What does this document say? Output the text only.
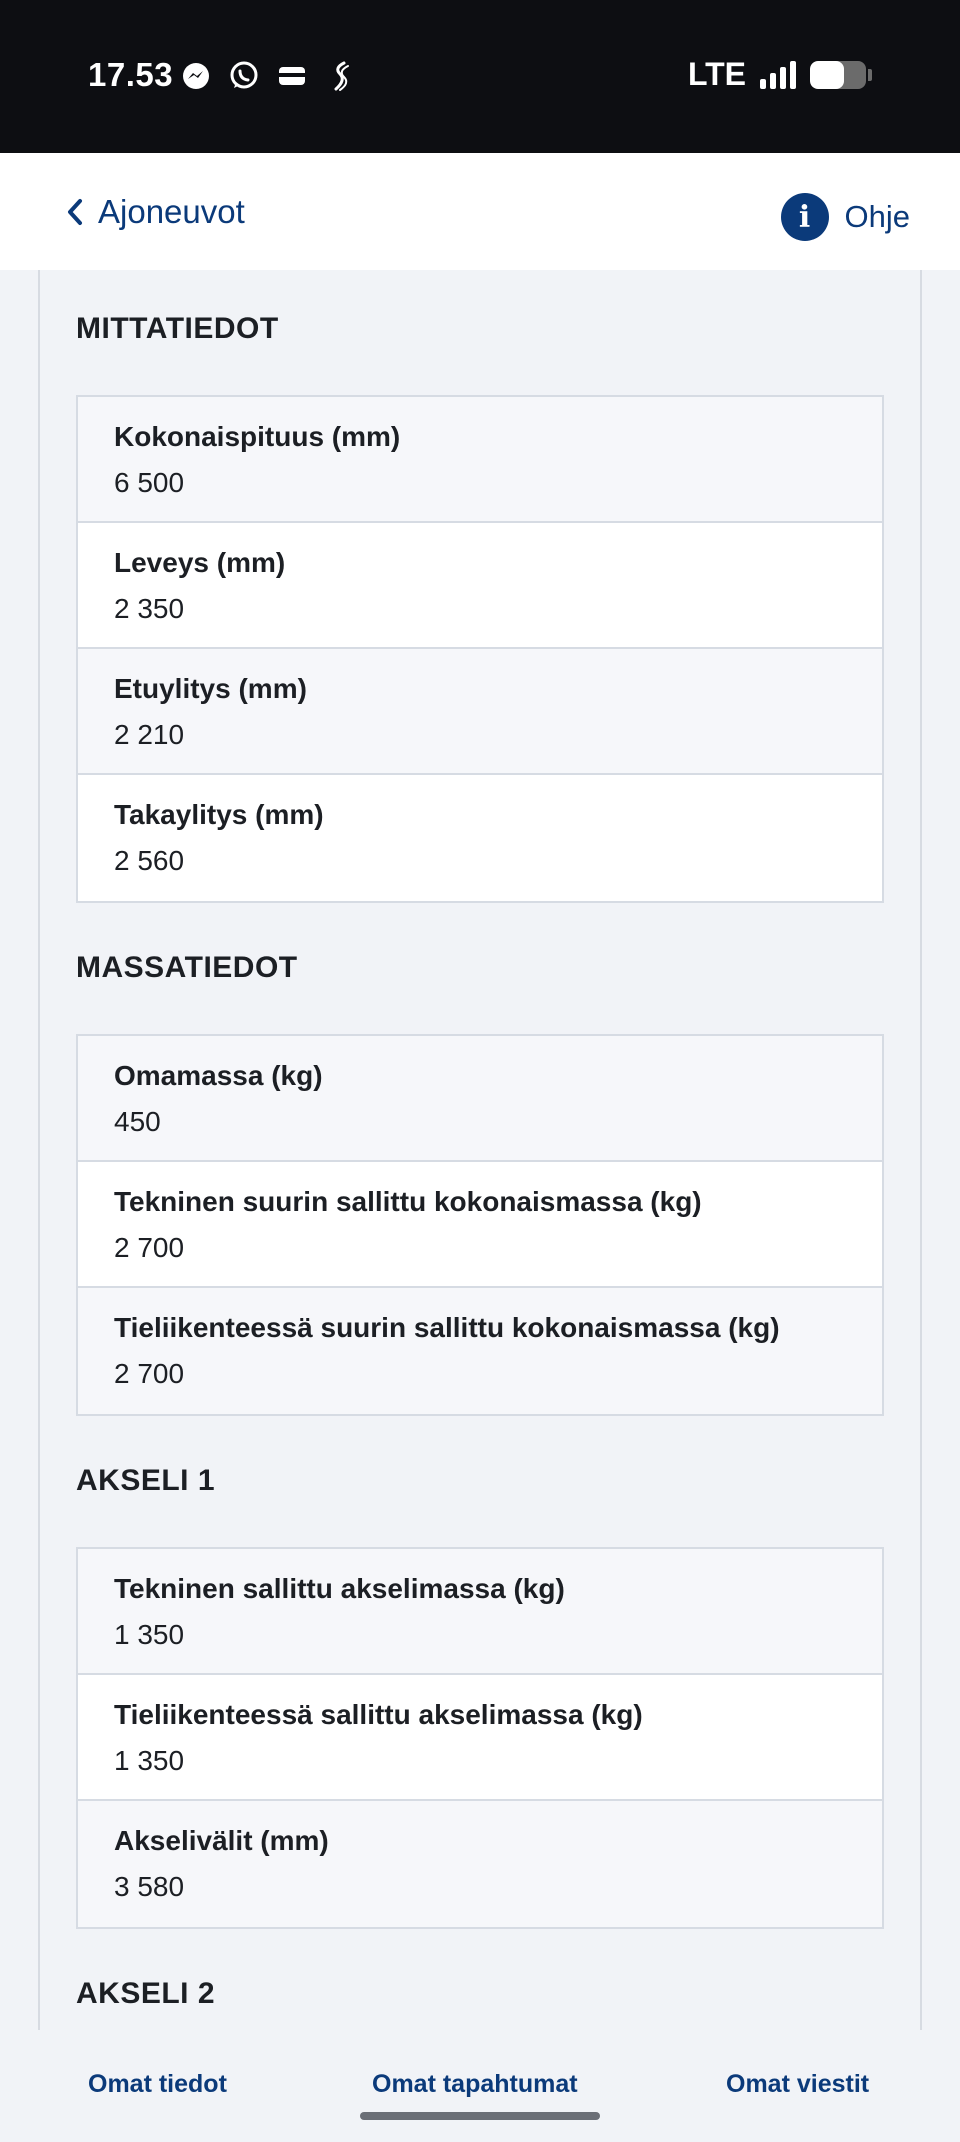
17.53	LTE
Ajoneuvot	i	Ohje
MITTATIEDOT
Kokonaispituus (mm)
6 500
Leveys (mm)
2 350
Etuylitys (mm)
2 210
Takaylitys (mm)
2 560
MASSATIEDOT
Omamassa (kg)
450
Tekninen suurin sallittu kokonaismassa (kg)
2 700
Tieliikenteessä suurin sallittu kokonaismassa (kg)
2 700
AKSELI 1
Tekninen sallittu akselimassa (kg)
1 350
Tieliikenteessä sallittu akselimassa (kg)
1 350
Akselivälit (mm)
3 580
AKSELI 2
Omat tiedot	Omat tapahtumat	Omat viestit
